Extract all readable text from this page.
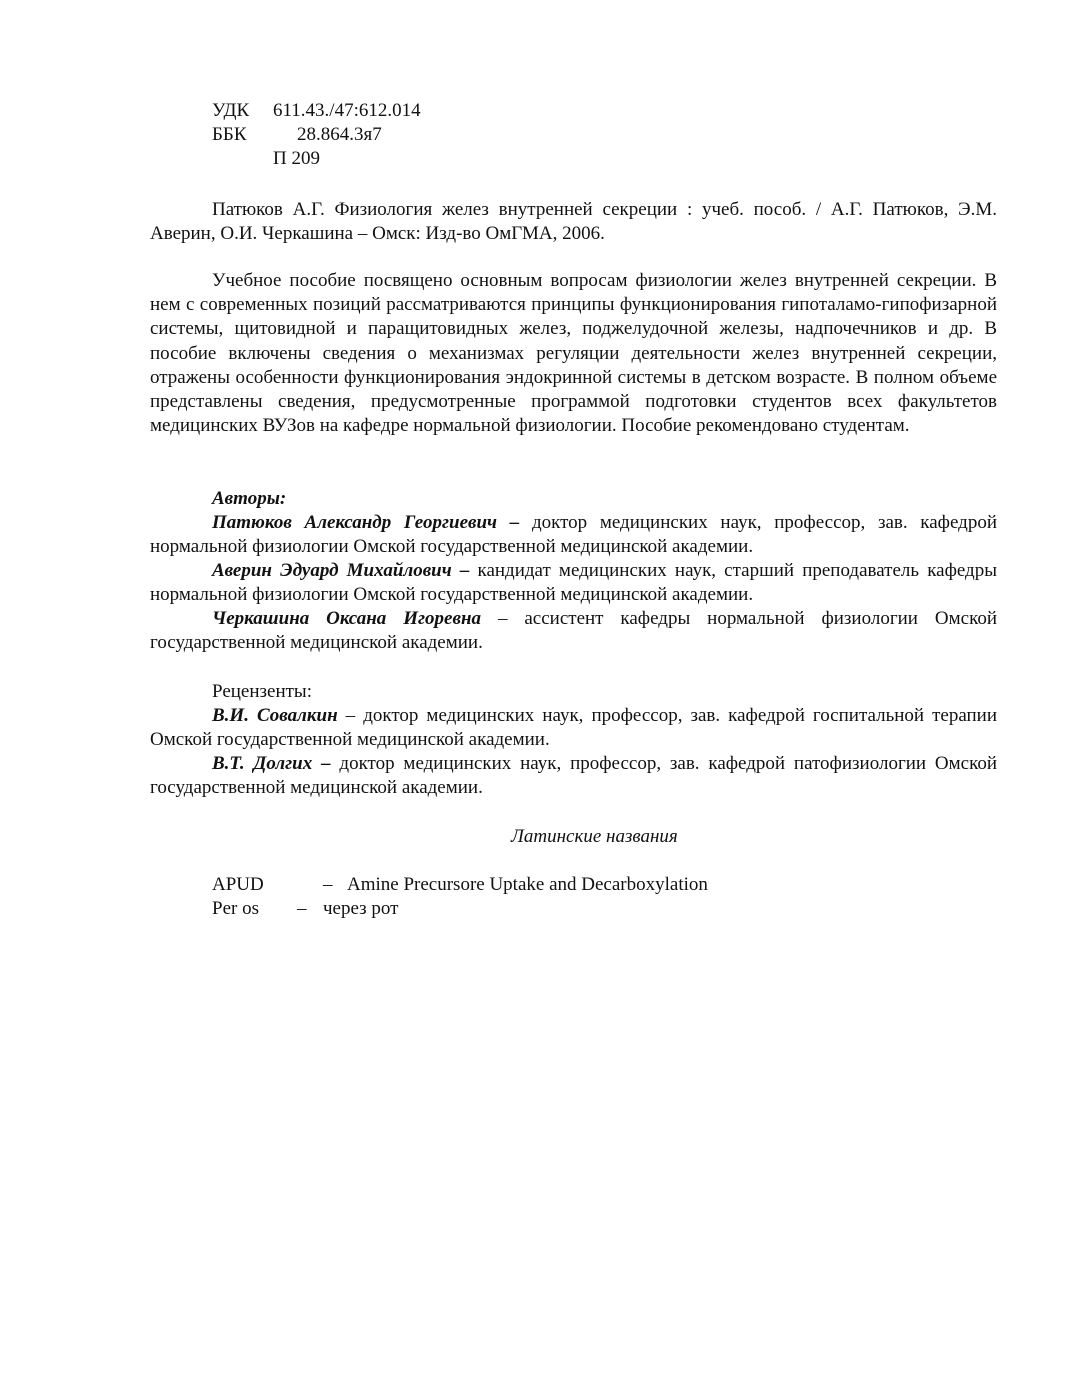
УДК 611.43./47:612.014
ББК	28.864.3я7
П 209
Патюков А.Г. Физиология желез внутренней секреции : учеб. пособ. / А.Г. Патюков, Э.М. Аверин, О.И. Черкашина – Омск: Изд-во ОмГМА, 2006.
Учебное пособие посвящено основным вопросам физиологии желез внутренней секреции. В нем с современных позиций рассматриваются принципы функционирования гипоталамо-гипофизарной системы, щитовидной и паращитовидных желез, поджелудочной железы, надпочечников и др. В пособие включены сведения о механизмах регуляции деятельности желез внутренней секреции, отражены особенности функционирования эндокринной системы в детском возрасте. В полном объеме представлены сведения, предусмотренные программой подготовки студентов всех факультетов медицинских ВУЗов на кафедре нормальной физиологии. Пособие рекомендовано студентам.
Авторы:
Патюков Александр Георгиевич – доктор медицинских наук, профессор, зав. кафедрой нормальной физиологии Омской государственной медицинской академии.
Аверин Эдуард Михайлович – кандидат медицинских наук, старший преподаватель кафедры нормальной физиологии Омской государственной медицинской академии.
Черкашина Оксана Игоревна – ассистент кафедры нормальной физиологии Омской государственной медицинской академии.
Рецензенты:
В.И. Совалкин – доктор медицинских наук, профессор, зав. кафедрой госпитальной терапии Омской государственной медицинской академии.
В.Т. Долгих – доктор медицинских наук, профессор, зав. кафедрой патофизиологии Омской государственной медицинской академии.
Латинские названия
APUD	– Amine Precursore Uptake and Decarboxylation
Per os – через рот
